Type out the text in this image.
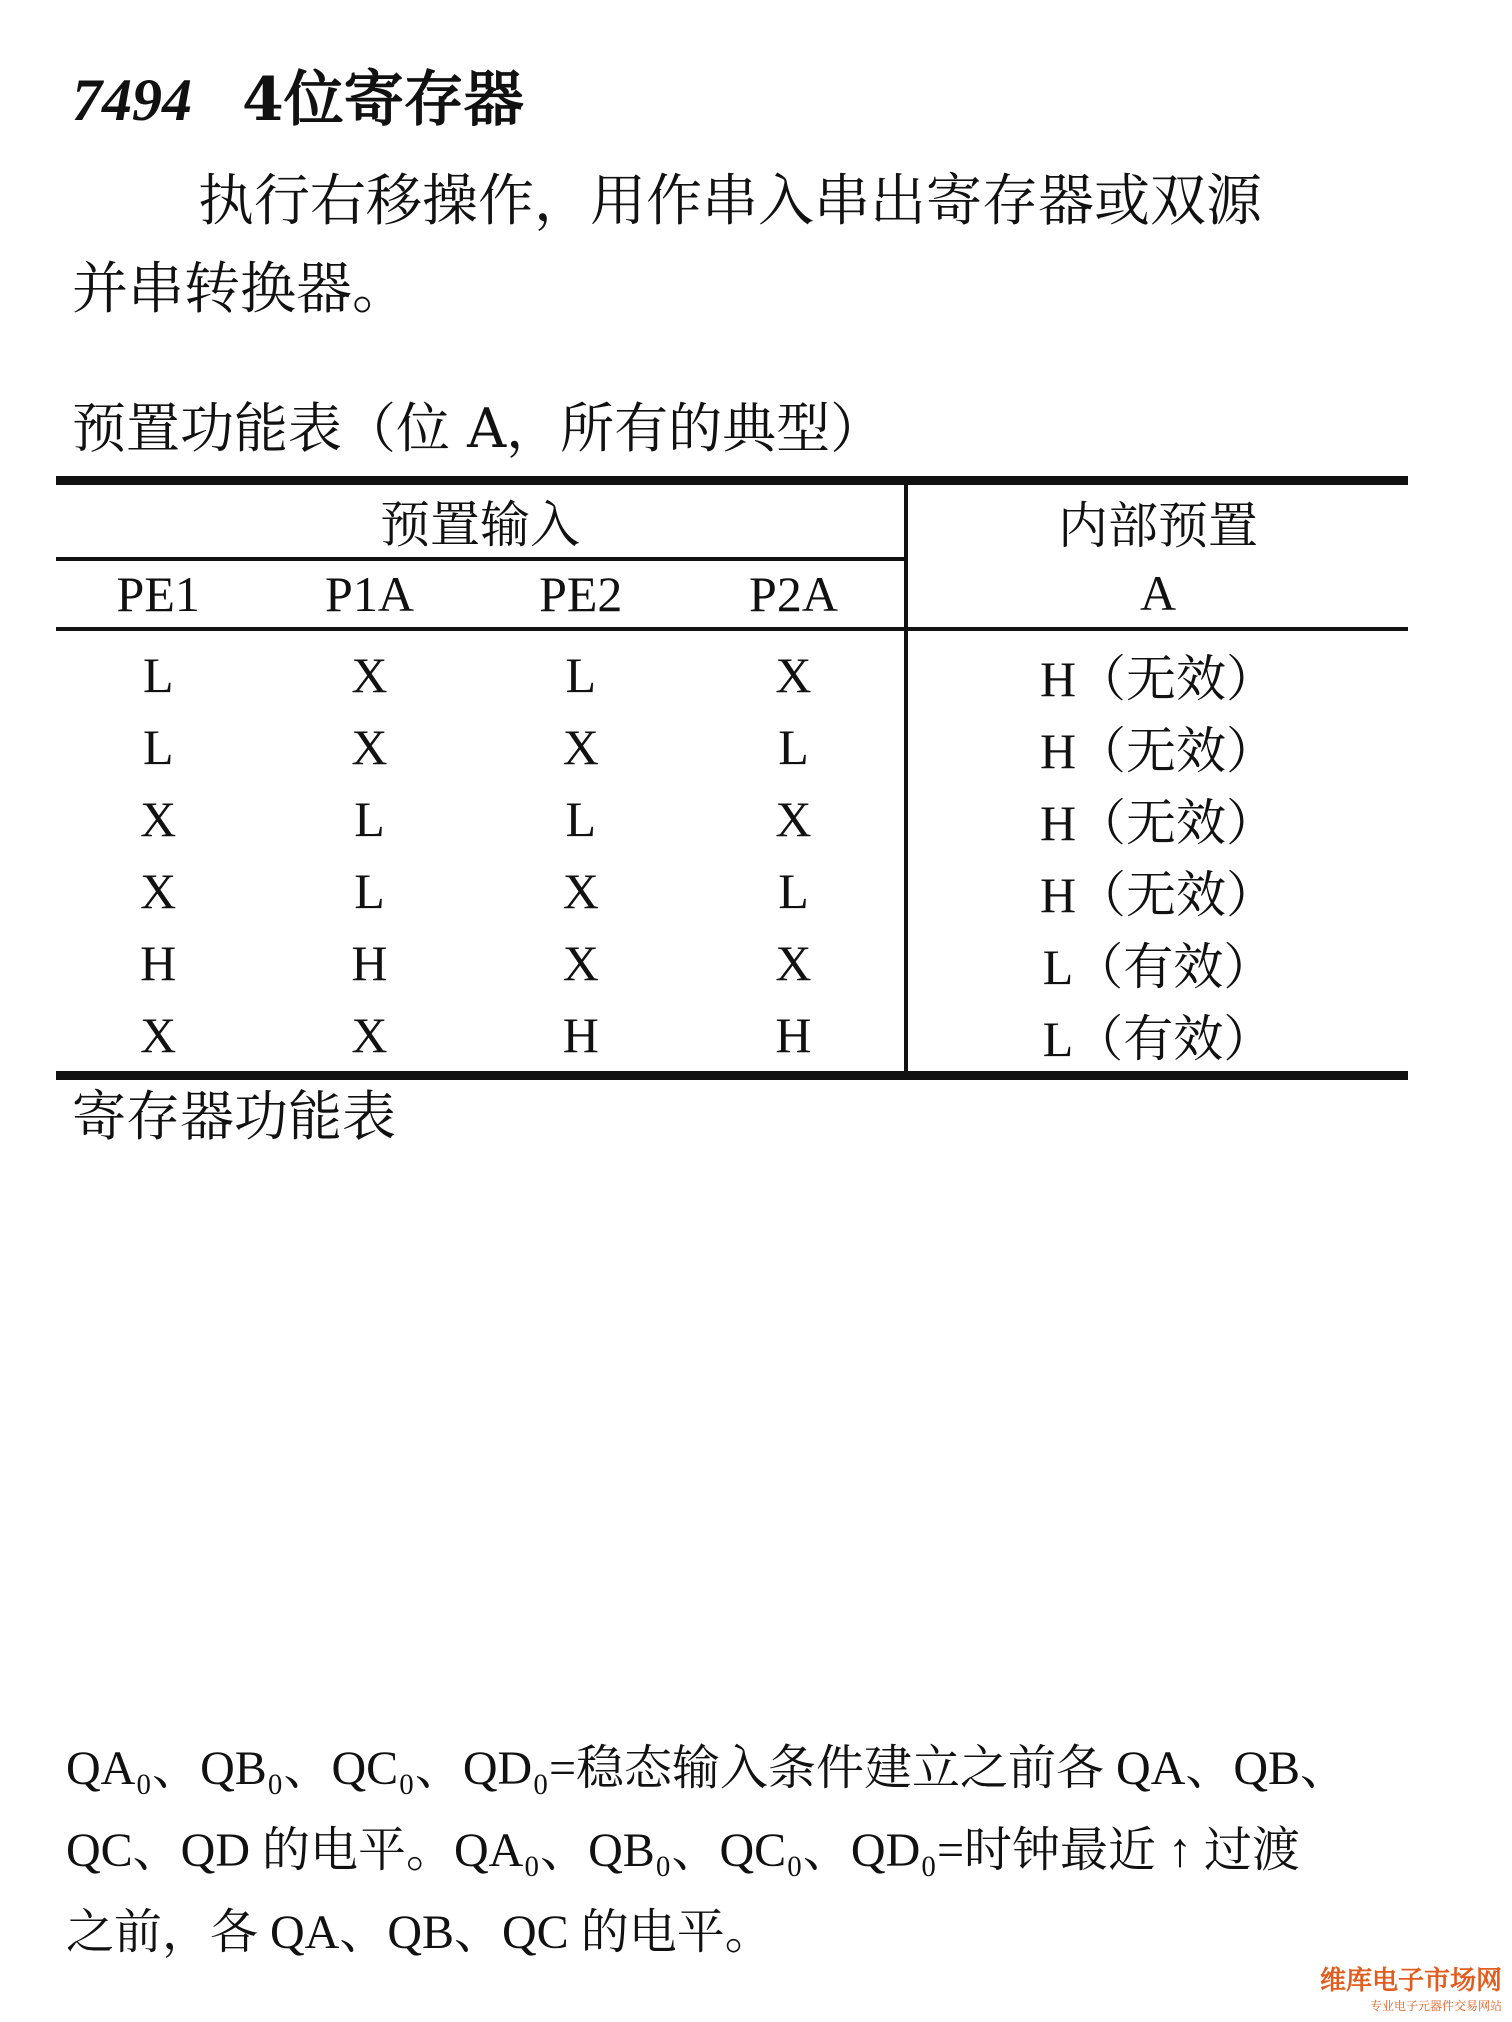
7494 4位寄存器
执行右移操作，用作串入串出寄存器或双源
并串转换器。
预置功能表（位 A，所有的典型）
预置输入				内部预置
	PE1	P1A	PE2	P2A	A
	L	X	L	X	H（无效）
	L	X	X	L	H（无效）
	X	L	L	X	H（无效）
	X	L	X	L	H（无效）
	H	H	X	X	L（有效）
	X	X	H	H	L（有效）
寄存器功能表
QA₀、QB₀、QC₀、QD₀=稳态输入条件建立之前各 QA、QB、
QC、QD 的电平。QA₀、QB₀、QC₀、QD₀=时钟最近 ↑ 过渡
之前，各 QA、QB、QC 的电平。
维库电子市场网
专业电子元器件交易网站
